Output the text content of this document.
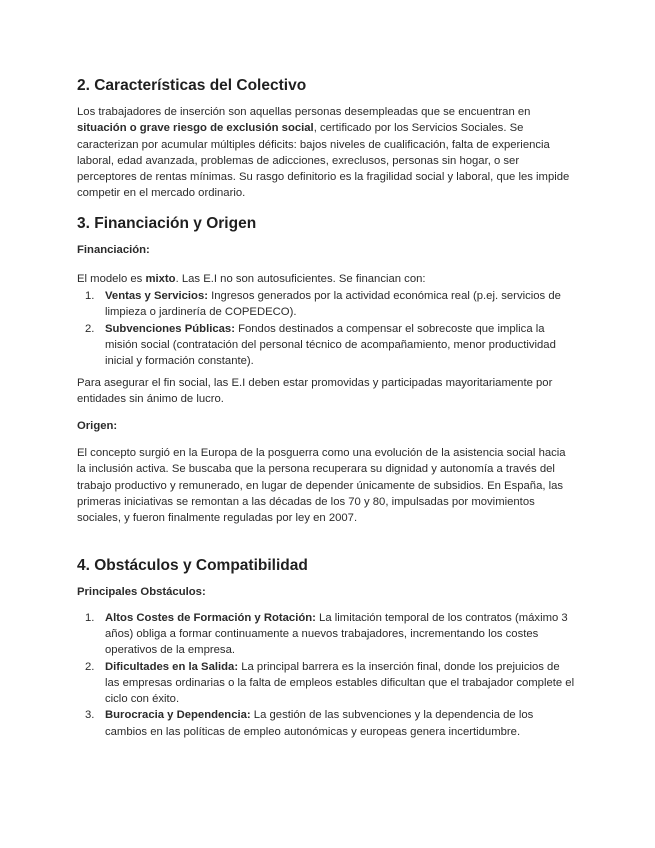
2. Características del Colectivo

Los trabajadores de inserción son aquellas personas desempleadas que se encuentran en situación o grave riesgo de exclusión social, certificado por los Servicios Sociales. Se caracterizan por acumular múltiples déficits: bajos niveles de cualificación, falta de experiencia laboral, edad avanzada, problemas de adicciones, exreclusos, personas sin hogar, o ser perceptores de rentas mínimas. Su rasgo definitorio es la fragilidad social y laboral, que les impide competir en el mercado ordinario.

3. Financiación y Origen

Financiación:

El modelo es mixto. Las E.I no son autosuficientes. Se financian con:

1. Ventas y Servicios: Ingresos generados por la actividad económica real (p.ej. servicios de limpieza o jardinería de COPEDECO).
2. Subvenciones Públicas: Fondos destinados a compensar el sobrecoste que implica la misión social (contratación del personal técnico de acompañamiento, menor productividad inicial y formación constante).

Para asegurar el fin social, las E.I deben estar promovidas y participadas mayoritariamente por entidades sin ánimo de lucro.

Origen:

El concepto surgió en la Europa de la posguerra como una evolución de la asistencia social hacia la inclusión activa. Se buscaba que la persona recuperara su dignidad y autonomía a través del trabajo productivo y remunerado, en lugar de depender únicamente de subsidios. En España, las primeras iniciativas se remontan a las décadas de los 70 y 80, impulsadas por movimientos sociales, y fueron finalmente reguladas por ley en 2007.

4. Obstáculos y Compatibilidad

Principales Obstáculos:

1. Altos Costes de Formación y Rotación: La limitación temporal de los contratos (máximo 3 años) obliga a formar continuamente a nuevos trabajadores, incrementando los costes operativos de la empresa.
2. Dificultades en la Salida: La principal barrera es la inserción final, donde los prejuicios de las empresas ordinarias o la falta de empleos estables dificultan que el trabajador complete el ciclo con éxito.
3. Burocracia y Dependencia: La gestión de las subvenciones y la dependencia de los cambios en las políticas de empleo autonómicas y europeas genera incertidumbre.
